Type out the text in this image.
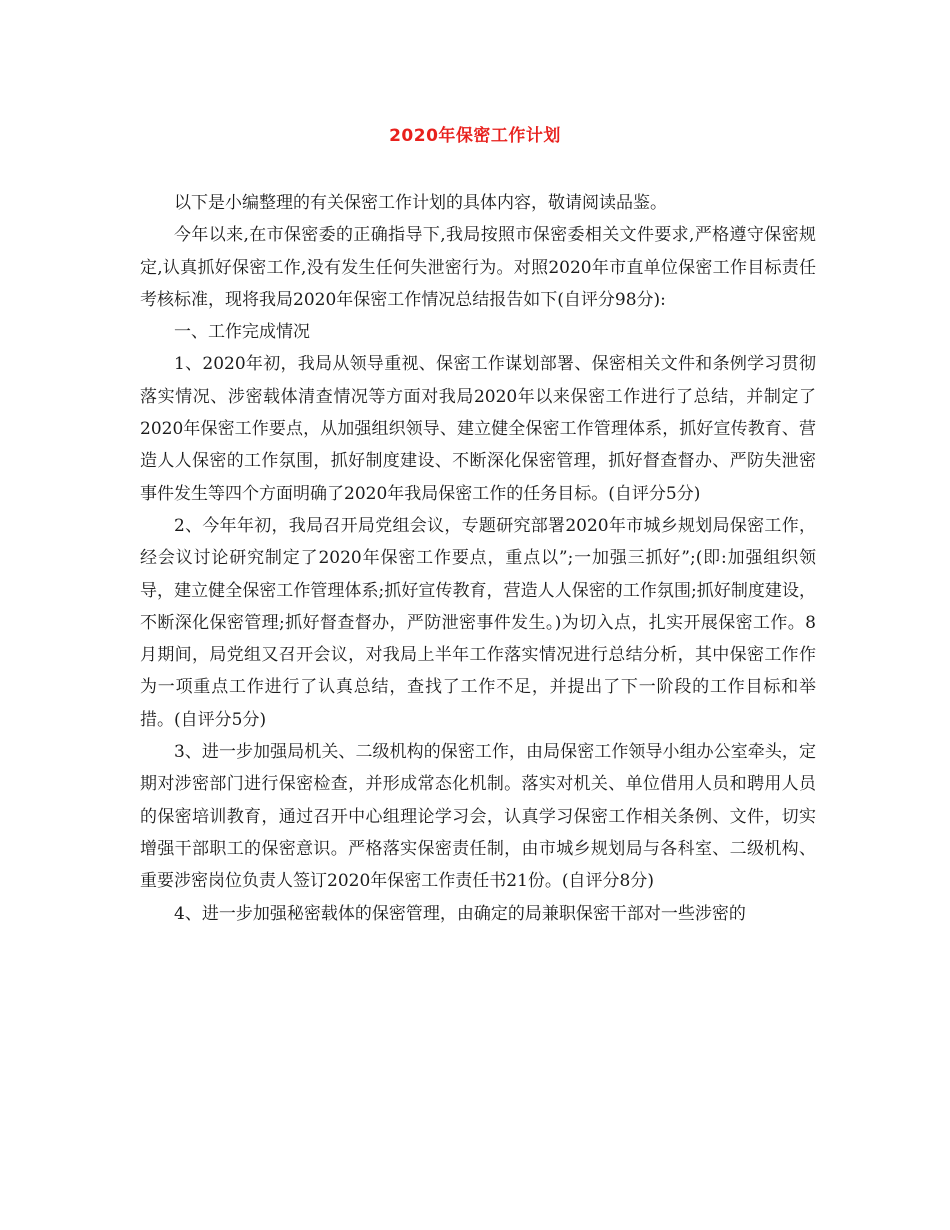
2020年保密工作计划

以下是小编整理的有关保密工作计划的具体内容，敬请阅读品鉴。

今年以来,在市保密委的正确指导下,我局按照市保密委相关文件要求,严格遵守保密规定,认真抓好保密工作,没有发生任何失泄密行为。对照2020年市直单位保密工作目标责任考核标准，现将我局2020年保密工作情况总结报告如下(自评分98分):

一、工作完成情况

1、2020年初，我局从领导重视、保密工作谋划部署、保密相关文件和条例学习贯彻落实情况、涉密载体清查情况等方面对我局2020年以来保密工作进行了总结，并制定了2020年保密工作要点，从加强组织领导、建立健全保密工作管理体系，抓好宣传教育、营造人人保密的工作氛围，抓好制度建设、不断深化保密管理，抓好督查督办、严防失泄密事件发生等四个方面明确了2020年我局保密工作的任务目标。(自评分5分)

2、今年年初，我局召开局党组会议，专题研究部署2020年市城乡规划局保密工作，经会议讨论研究制定了2020年保密工作要点，重点以”;一加强三抓好”;(即:加强组织领导，建立健全保密工作管理体系;抓好宣传教育，营造人人保密的工作氛围;抓好制度建设，不断深化保密管理;抓好督查督办，严防泄密事件发生。)为切入点，扎实开展保密工作。8月期间，局党组又召开会议，对我局上半年工作落实情况进行总结分析，其中保密工作作为一项重点工作进行了认真总结，查找了工作不足，并提出了下一阶段的工作目标和举措。(自评分5分)

3、进一步加强局机关、二级机构的保密工作，由局保密工作领导小组办公室牵头，定期对涉密部门进行保密检查，并形成常态化机制。落实对机关、单位借用人员和聘用人员的保密培训教育，通过召开中心组理论学习会，认真学习保密工作相关条例、文件，切实增强干部职工的保密意识。严格落实保密责任制，由市城乡规划局与各科室、二级机构、重要涉密岗位负责人签订2020年保密工作责任书21份。(自评分8分)

4、进一步加强秘密载体的保密管理，由确定的局兼职保密干部对一些涉密的
